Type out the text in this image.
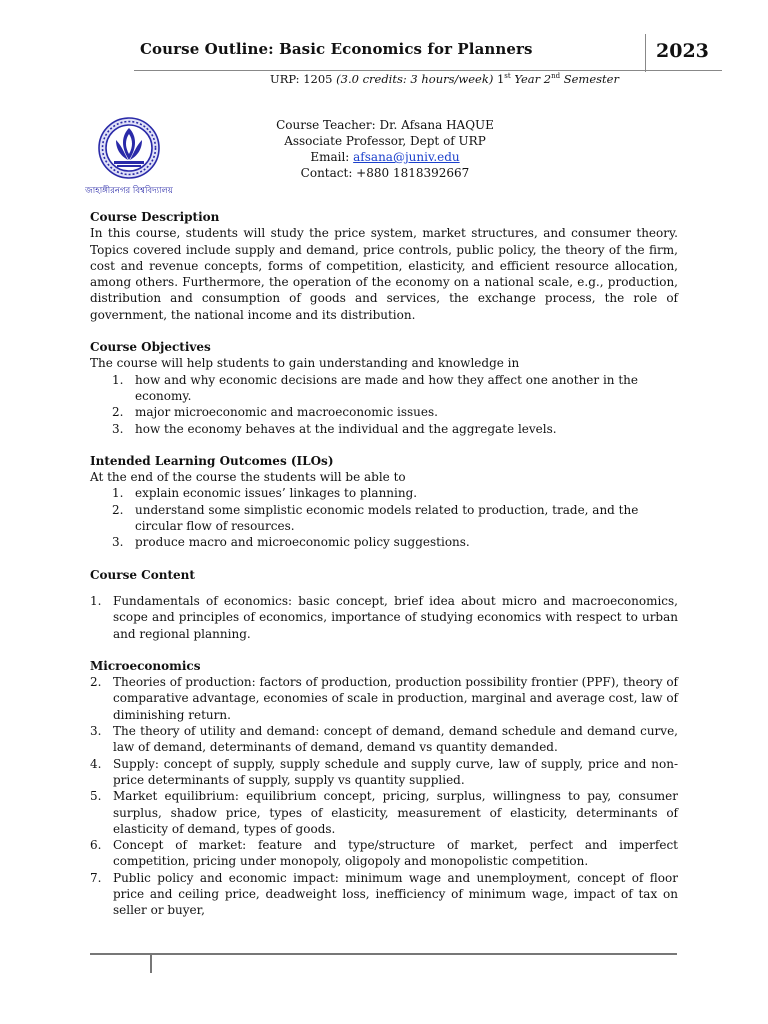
Course Outline: Basic Economics for Planners	2023
URP: 1205 (3.0 credits: 3 hours/week) 1st Year 2nd Semester
জাহাঙ্গীরনগর বিশ্ববিদ্যালয়
Course Teacher: Dr. Afsana HAQUE
Associate Professor, Dept of URP
Email: afsana@juniv.edu
Contact: +880 1818392667

Course Description

In this course, students will study the price system, market structures, and consumer theory. Topics covered include supply and demand, price controls, public policy, the theory of the firm, cost and revenue concepts, forms of competition, elasticity, and efficient resource allocation, among others. Furthermore, the operation of the economy on a national scale, e.g., production, distribution and consumption of goods and services, the exchange process, the role of government, the national income and its distribution.

Course Objectives

The course will help students to gain understanding and knowledge in

1. how and why economic decisions are made and how they affect one another in the economy.
2. major microeconomic and macroeconomic issues.
3. how the economy behaves at the individual and the aggregate levels.

Intended Learning Outcomes (ILOs)

At the end of the course the students will be able to

1. explain economic issues’ linkages to planning.
2. understand some simplistic economic models related to production, trade, and the circular flow of resources.
3. produce macro and microeconomic policy suggestions.

Course Content

1. Fundamentals of economics: basic concept, brief idea about micro and macroeconomics, scope and principles of economics, importance of studying economics with respect to urban and regional planning.

Microeconomics

2. Theories of production: factors of production, production possibility frontier (PPF), theory of comparative advantage, economies of scale in production, marginal and average cost, law of diminishing return.
3. The theory of utility and demand: concept of demand, demand schedule and demand curve, law of demand, determinants of demand, demand vs quantity demanded.
4. Supply: concept of supply, supply schedule and supply curve, law of supply, price and non-price determinants of supply, supply vs quantity supplied.
5. Market equilibrium: equilibrium concept, pricing, surplus, willingness to pay, consumer surplus, shadow price, types of elasticity, measurement of elasticity, determinants of elasticity of demand, types of goods.
6. Concept of market: feature and type/structure of market, perfect and imperfect competition, pricing under monopoly, oligopoly and monopolistic competition.
7. Public policy and economic impact: minimum wage and unemployment, concept of floor price and ceiling price, deadweight loss, inefficiency of minimum wage, impact of tax on seller or buyer,
